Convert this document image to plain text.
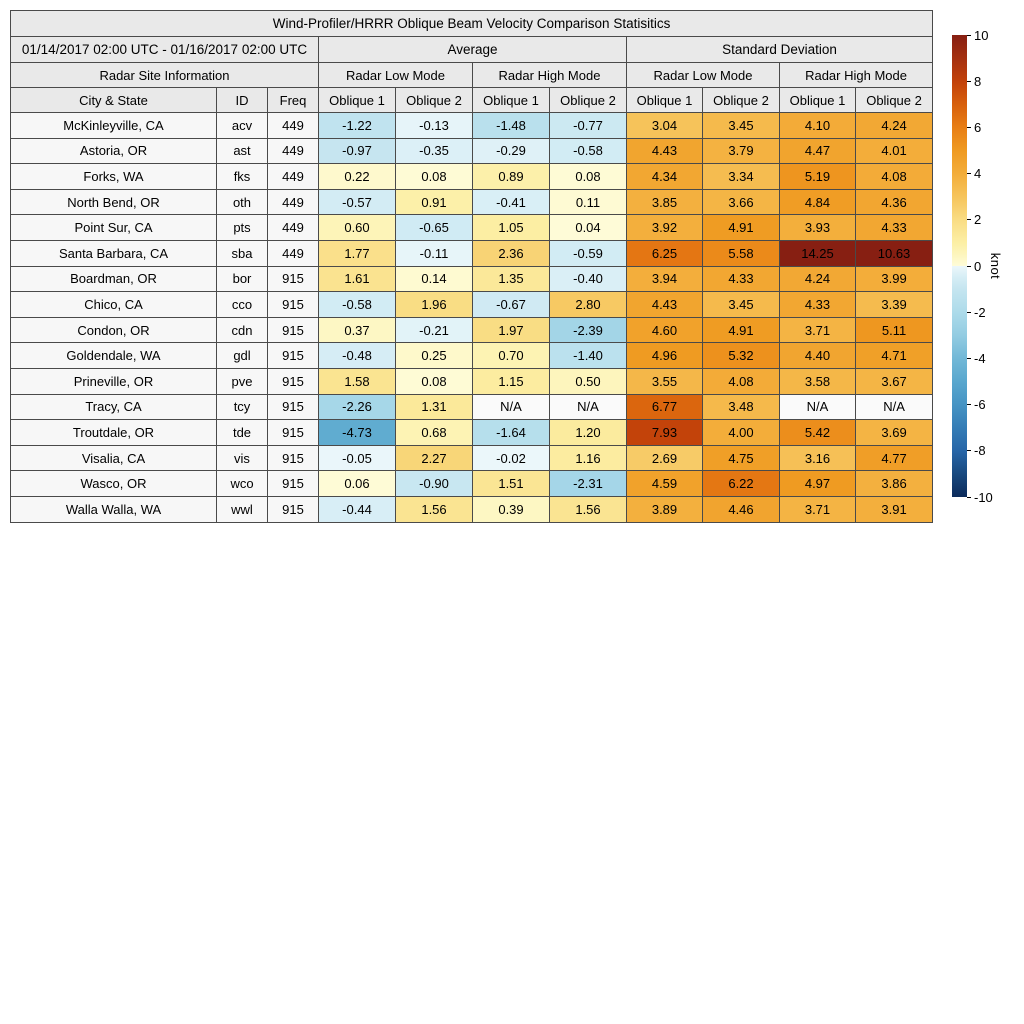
Wind-Profiler/HRRR Oblique Beam Velocity Comparison Statisitics										
01/14/2017 02:00 UTC - 01/16/2017 02:00 UTC			Average				Standard Deviation			
Radar Site Information			Radar Low Mode		Radar High Mode		Radar Low Mode		Radar High Mode	
City & State	ID	Freq	Oblique 1	Oblique 2	Oblique 1	Oblique 2	Oblique 1	Oblique 2	Oblique 1	Oblique 2
McKinleyville, CA	acv	449	-1.22	-0.13	-1.48	-0.77	3.04	3.45	4.10	4.24
Astoria, OR	ast	449	-0.97	-0.35	-0.29	-0.58	4.43	3.79	4.47	4.01
Forks, WA	fks	449	0.22	0.08	0.89	0.08	4.34	3.34	5.19	4.08
North Bend, OR	oth	449	-0.57	0.91	-0.41	0.11	3.85	3.66	4.84	4.36
Point Sur, CA	pts	449	0.60	-0.65	1.05	0.04	3.92	4.91	3.93	4.33
Santa Barbara, CA	sba	449	1.77	-0.11	2.36	-0.59	6.25	5.58	14.25	10.63
Boardman, OR	bor	915	1.61	0.14	1.35	-0.40	3.94	4.33	4.24	3.99
Chico, CA	cco	915	-0.58	1.96	-0.67	2.80	4.43	3.45	4.33	3.39
Condon, OR	cdn	915	0.37	-0.21	1.97	-2.39	4.60	4.91	3.71	5.11
Goldendale, WA	gdl	915	-0.48	0.25	0.70	-1.40	4.96	5.32	4.40	4.71
Prineville, OR	pve	915	1.58	0.08	1.15	0.50	3.55	4.08	3.58	3.67
Tracy, CA	tcy	915	-2.26	1.31	N/A	N/A	6.77	3.48	N/A	N/A
Troutdale, OR	tde	915	-4.73	0.68	-1.64	1.20	7.93	4.00	5.42	3.69
Visalia, CA	vis	915	-0.05	2.27	-0.02	1.16	2.69	4.75	3.16	4.77
Wasco, OR	wco	915	0.06	-0.90	1.51	-2.31	4.59	6.22	4.97	3.86
Walla Walla, WA	wwl	915	-0.44	1.56	0.39	1.56	3.89	4.46	3.71	3.91
knot
10
8
6
4
2
0
-2
-4
-6
-8
-10
